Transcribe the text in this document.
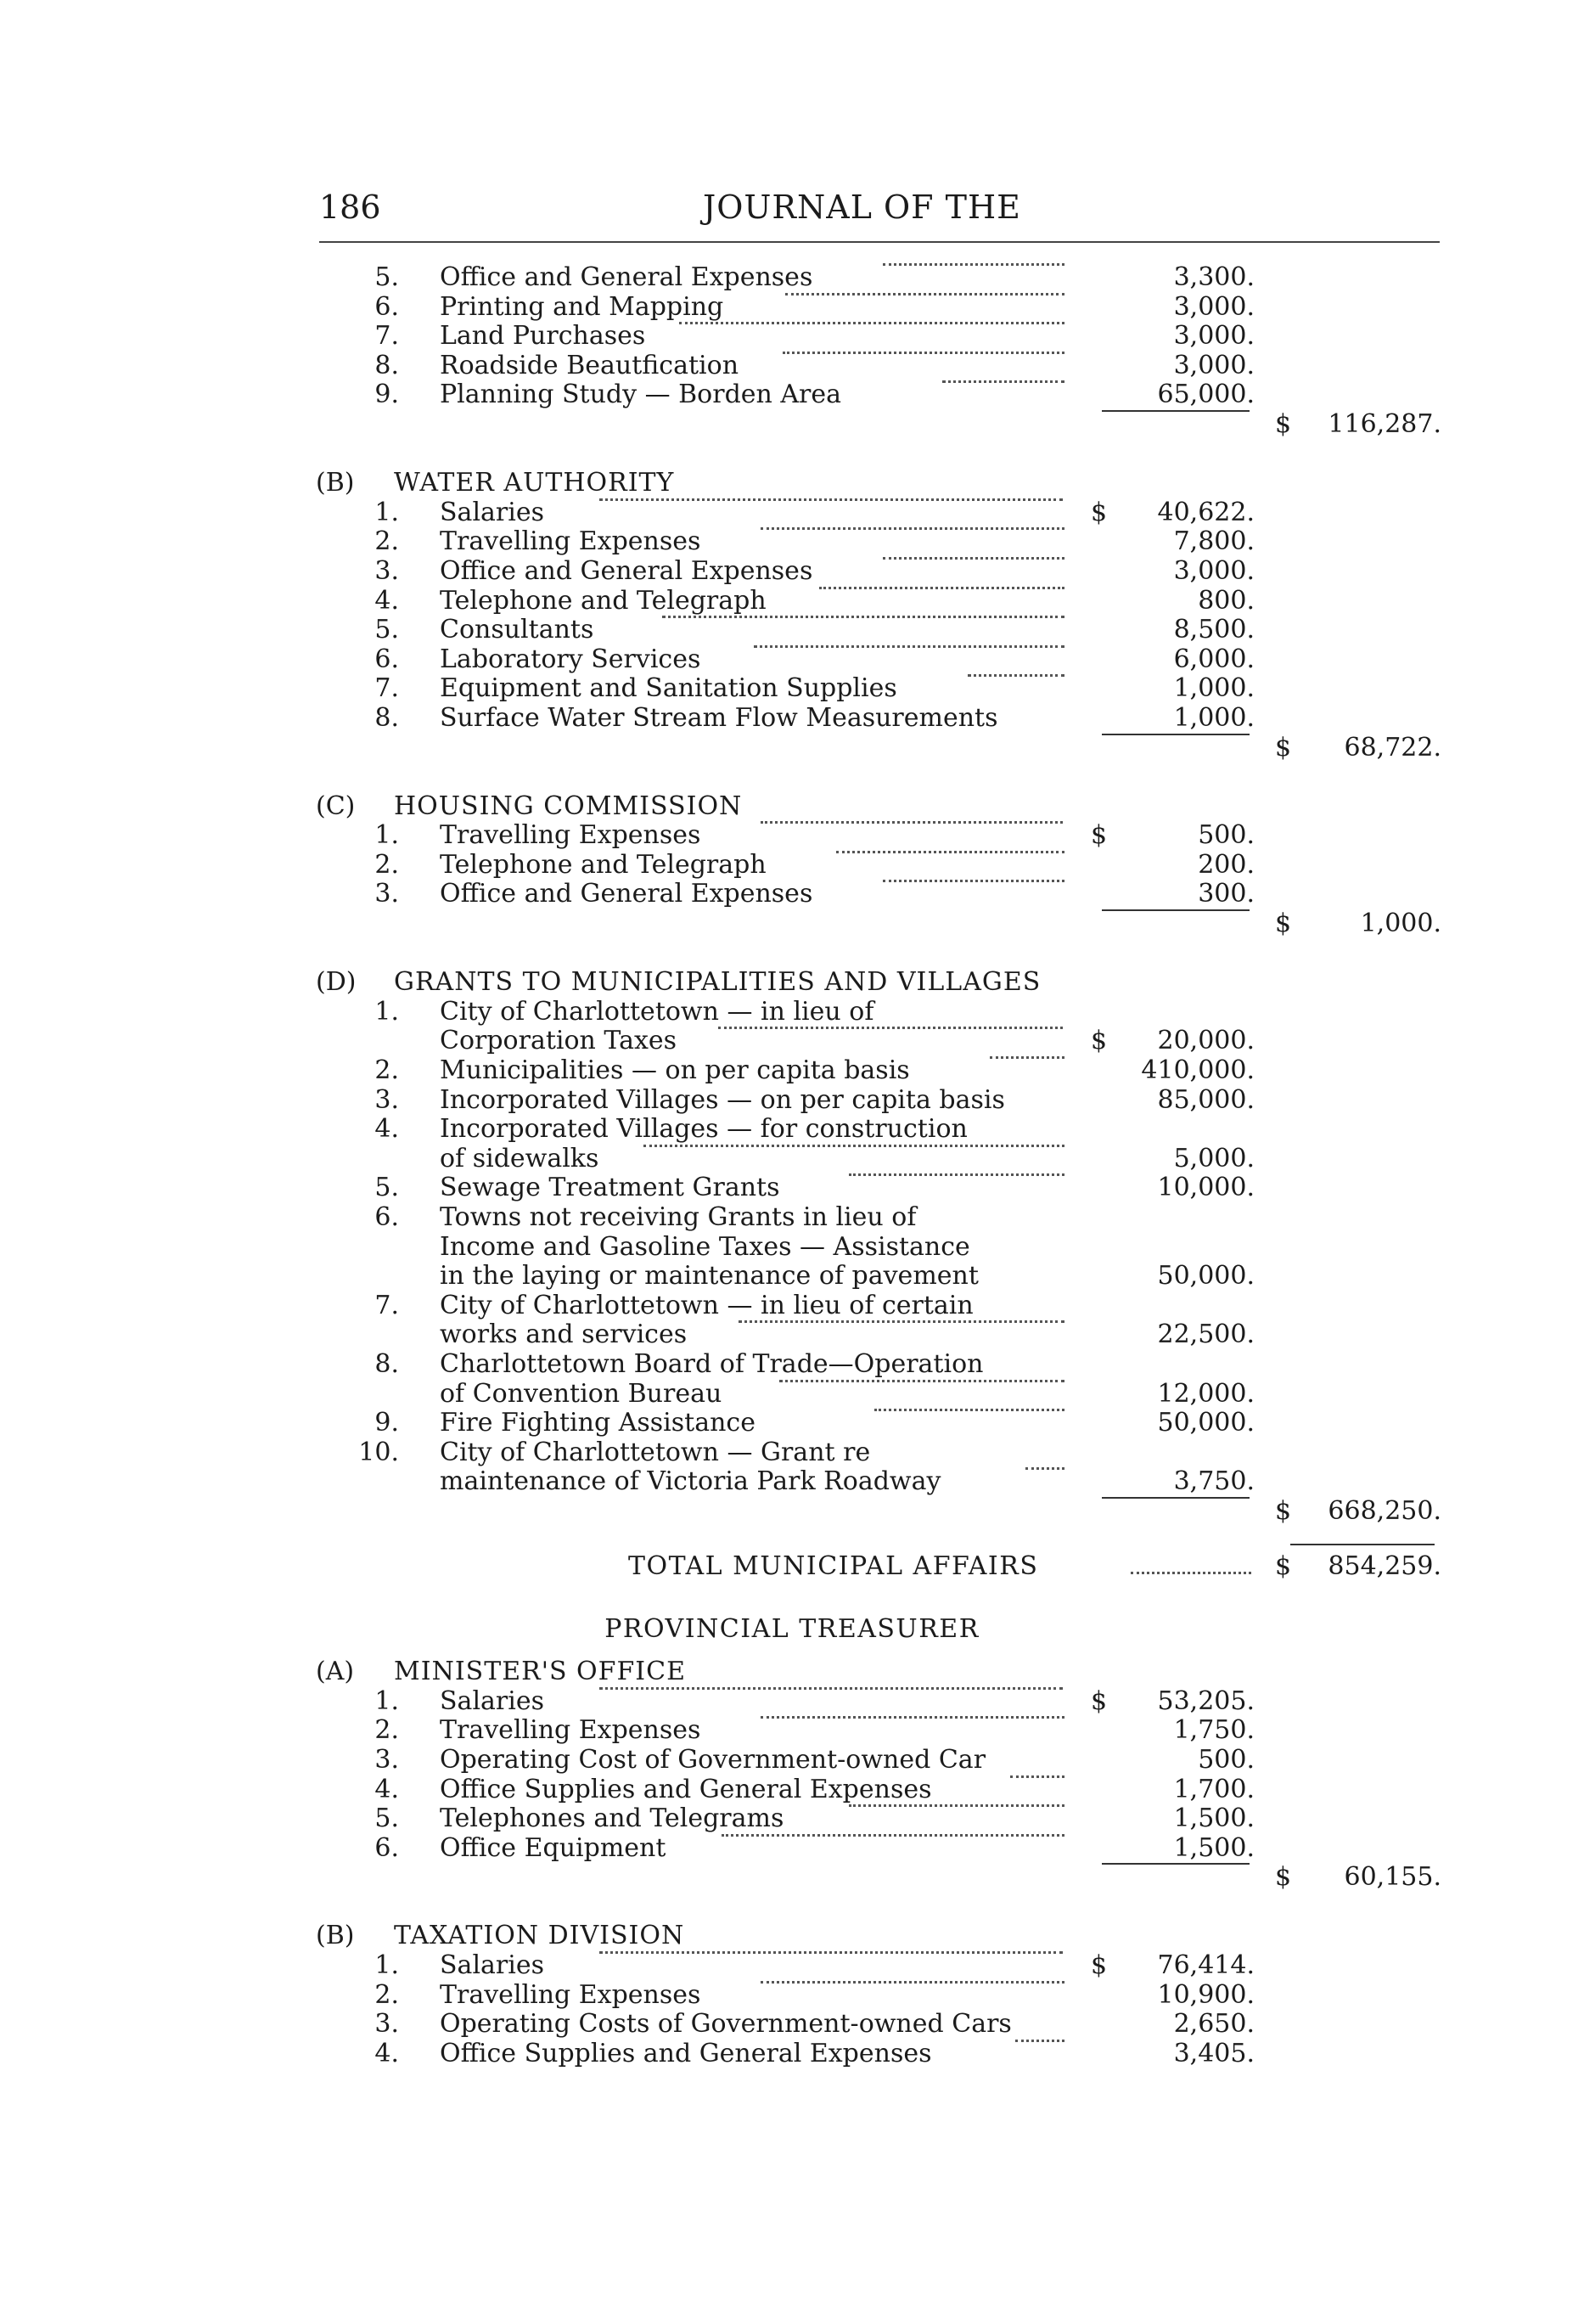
186	JOURNAL OF THE
5. Office and General Expenses	3,300.
6. Printing and Mapping	3,000.
7. Land Purchases	3,000.
8. Roadside Beautfication	3,000.
9. Planning Study — Borden Area	65,000.
$	116,287.
(B) WATER AUTHORITY
1. Salaries	$	40,622.
2. Travelling Expenses	7,800.
3. Office and General Expenses	3,000.
4. Telephone and Telegraph	800.
5. Consultants	8,500.
6. Laboratory Services	6,000.
7. Equipment and Sanitation Supplies	1,000.
8. Surface Water Stream Flow Measurements	1,000.
$	68,722.
(C) HOUSING COMMISSION
1. Travelling Expenses	$	500.
2. Telephone and Telegraph	200.
3. Office and General Expenses	300.
$	1,000.
(D) GRANTS TO MUNICIPALITIES AND VILLAGES
1. City of Charlottetown — in lieu of
Corporation Taxes	$	20,000.
2. Municipalities — on per capita basis	410,000.
3. Incorporated Villages — on per capita basis	85,000.
4. Incorporated Villages — for construction
of sidewalks	5,000.
5. Sewage Treatment Grants	10,000.
6. Towns not receiving Grants in lieu of
Income and Gasoline Taxes — Assistance
in the laying or maintenance of pavement	50,000.
7. City of Charlottetown — in lieu of certain
works and services	22,500.
8. Charlottetown Board of Trade—Operation
of Convention Bureau	12,000.
9. Fire Fighting Assistance	50,000.
10. City of Charlottetown — Grant re
maintenance of Victoria Park Roadway	3,750.
$	668,250.
TOTAL MUNICIPAL AFFAIRS	$	854,259.
PROVINCIAL TREASURER
(A) MINISTER'S OFFICE
1. Salaries	$	53,205.
2. Travelling Expenses	1,750.
3. Operating Cost of Government-owned Car	500.
4. Office Supplies and General Expenses	1,700.
5. Telephones and Telegrams	1,500.
6. Office Equipment	1,500.
$	60,155.
(B) TAXATION DIVISION
1. Salaries	$	76,414.
2. Travelling Expenses	10,900.
3. Operating Costs of Government-owned Cars	2,650.
4. Office Supplies and General Expenses	3,405.
